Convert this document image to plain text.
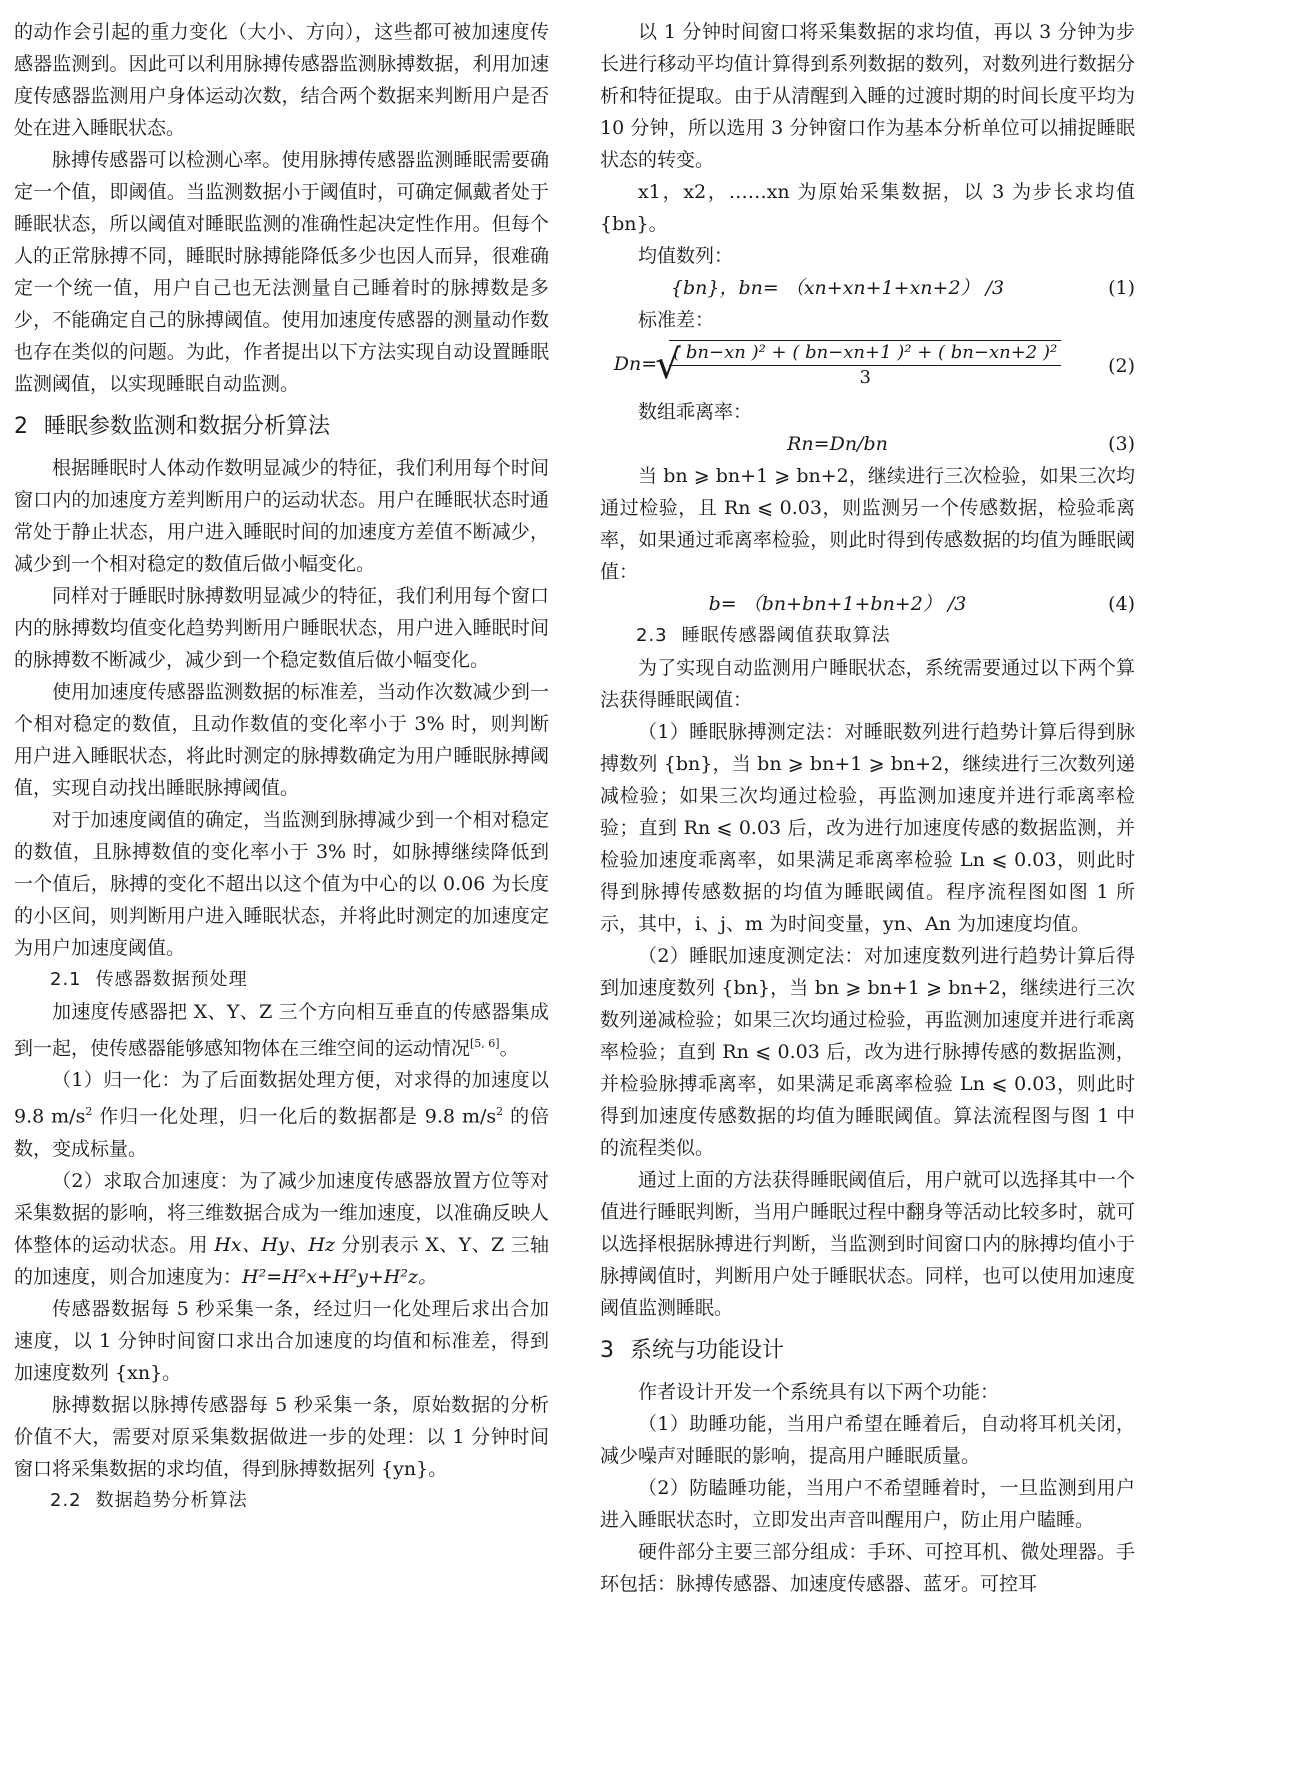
的动作会引起的重力变化（大小、方向），这些都可被加速度传感器监测到。因此可以利用脉搏传感器监测脉搏数据，利用加速度传感器监测用户身体运动次数，结合两个数据来判断用户是否处在进入睡眠状态。

脉搏传感器可以检测心率。使用脉搏传感器监测睡眠需要确定一个值，即阈值。当监测数据小于阈值时，可确定佩戴者处于睡眠状态，所以阈值对睡眠监测的准确性起决定性作用。但每个人的正常脉搏不同，睡眠时脉搏能降低多少也因人而异，很难确定一个统一值，用户自己也无法测量自己睡着时的脉搏数是多少，不能确定自己的脉搏阈值。使用加速度传感器的测量动作数也存在类似的问题。为此，作者提出以下方法实现自动设置睡眠监测阈值，以实现睡眠自动监测。

2 睡眠参数监测和数据分析算法

根据睡眠时人体动作数明显减少的特征，我们利用每个时间窗口内的加速度方差判断用户的运动状态。用户在睡眠状态时通常处于静止状态，用户进入睡眠时间的加速度方差值不断减少，减少到一个相对稳定的数值后做小幅变化。

同样对于睡眠时脉搏数明显减少的特征，我们利用每个窗口内的脉搏数均值变化趋势判断用户睡眠状态，用户进入睡眠时间的脉搏数不断减少，减少到一个稳定数值后做小幅变化。

使用加速度传感器监测数据的标准差，当动作次数减少到一个相对稳定的数值，且动作数值的变化率小于 3% 时，则判断用户进入睡眠状态，将此时测定的脉搏数确定为用户睡眠脉搏阈值，实现自动找出睡眠脉搏阈值。

对于加速度阈值的确定，当监测到脉搏减少到一个相对稳定的数值，且脉搏数值的变化率小于 3% 时，如脉搏继续降低到一个值后，脉搏的变化不超出以这个值为中心的以 0.06 为长度的小区间，则判断用户进入睡眠状态，并将此时测定的加速度定为用户加速度阈值。

2.1 传感器数据预处理

加速度传感器把 X、Y、Z 三个方向相互垂直的传感器集成到一起，使传感器能够感知物体在三维空间的运动情况[5, 6]。

（1）归一化：为了后面数据处理方便，对求得的加速度以 9.8 $m/s^2$ 作归一化处理，归一化后的数据都是 9.8 $m/s^2$ 的倍数，变成标量。

（2）求取合加速度：为了减少加速度传感器放置方位等对采集数据的影响，将三维数据合成为一维加速度，以准确反映人体整体的运动状态。用 Hx、Hy、Hz 分别表示 X、Y、Z 三轴的加速度，则合加速度为：H²=H²x+H²y+H²z。

传感器数据每 5 秒采集一条，经过归一化处理后求出合加速度，以 1 分钟时间窗口求出合加速度的均值和标准差，得到加速度数列 {xn}。

脉搏数据以脉搏传感器每 5 秒采集一条，原始数据的分析价值不大，需要对原采集数据做进一步的处理：以 1 分钟时间窗口将采集数据的求均值，得到脉搏数据列 {yn}。

2.2 数据趋势分析算法

以 1 分钟时间窗口将采集数据的求均值，再以 3 分钟为步长进行移动平均值计算得到系列数据的数列，对数列进行数据分析和特征提取。由于从清醒到入睡的过渡时期的时间长度平均为 10 分钟，所以选用 3 分钟窗口作为基本分析单位可以捕捉睡眠状态的转变。

x1，x2，……xn 为原始采集数据，以 3 为步长求均值 {bn}。

均值数列：
{bn}，bn= （xn+xn+1+xn+2） /3	(1)
标准差：
Dn=
√ $\frac{\text{( bn−xn )² + ( bn−xn+1 )² + ( bn−xn+2 )²}}{3} (2)$
数组乖离率：
Rn=Dn/bn	(3)

当 bn ⩾ bn+1 ⩾ bn+2，继续进行三次检验，如果三次均通过检验，且 Rn ⩽ 0.03，则监测另一个传感数据，检验乖离率，如果通过乖离率检验，则此时得到传感数据的均值为睡眠阈值：

b= （bn+bn+1+bn+2） /3	(4)
2.3 睡眠传感器阈值获取算法

为了实现自动监测用户睡眠状态，系统需要通过以下两个算法获得睡眠阈值：

（1）睡眠脉搏测定法：对睡眠数列进行趋势计算后得到脉搏数列 {bn}，当 bn ⩾ bn+1 ⩾ bn+2，继续进行三次数列递减检验；如果三次均通过检验，再监测加速度并进行乖离率检验；直到 Rn ⩽ 0.03 后，改为进行加速度传感的数据监测，并检验加速度乖离率，如果满足乖离率检验 Ln ⩽ 0.03，则此时得到脉搏传感数据的均值为睡眠阈值。程序流程图如图 1 所示，其中，i、j、m 为时间变量，yn、An 为加速度均值。

（2）睡眠加速度测定法：对加速度数列进行趋势计算后得到加速度数列 {bn}，当 bn ⩾ bn+1 ⩾ bn+2，继续进行三次数列递减检验；如果三次均通过检验，再监测加速度并进行乖离率检验；直到 Rn ⩽ 0.03 后，改为进行脉搏传感的数据监测，并检验脉搏乖离率，如果满足乖离率检验 Ln ⩽ 0.03，则此时得到加速度传感数据的均值为睡眠阈值。算法流程图与图 1 中的流程类似。

通过上面的方法获得睡眠阈值后，用户就可以选择其中一个值进行睡眠判断，当用户睡眠过程中翻身等活动比较多时，就可以选择根据脉搏进行判断，当监测到时间窗口内的脉搏均值小于脉搏阈值时，判断用户处于睡眠状态。同样，也可以使用加速度阈值监测睡眠。

3 系统与功能设计

作者设计开发一个系统具有以下两个功能：

（1）助睡功能，当用户希望在睡着后，自动将耳机关闭，减少噪声对睡眠的影响，提高用户睡眠质量。

（2）防瞌睡功能，当用户不希望睡着时，一旦监测到用户进入睡眠状态时，立即发出声音叫醒用户，防止用户瞌睡。

硬件部分主要三部分组成：手环、可控耳机、微处理器。手环包括：脉搏传感器、加速度传感器、蓝牙。可控耳
